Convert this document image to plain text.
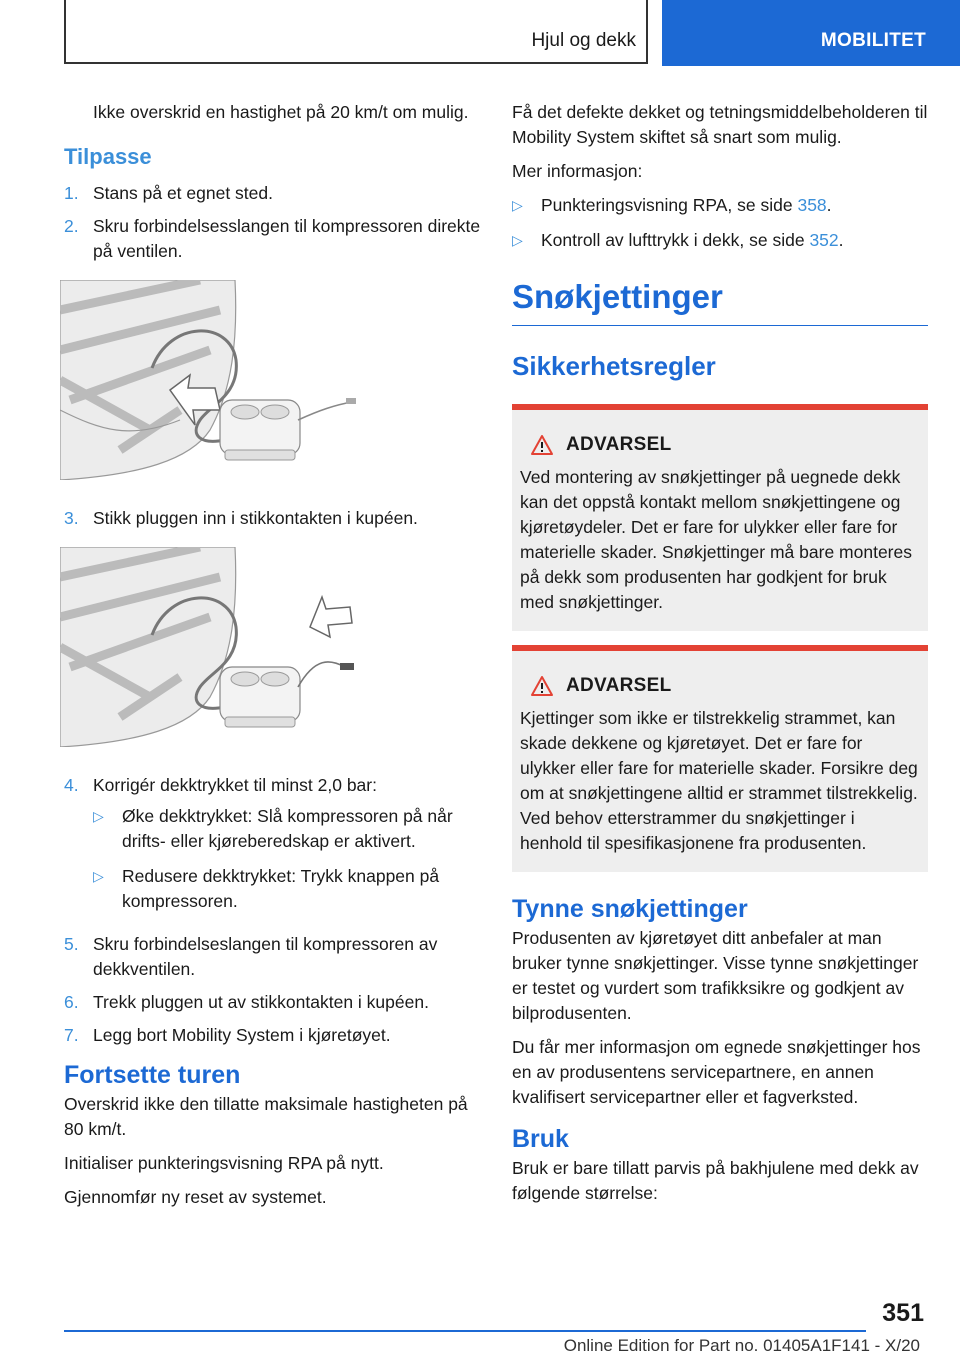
Hjul og dekk	MOBILITET

Ikke overskrid en hastighet på 20 km/t om mulig.

Tilpasse
1. Stans på et egnet sted.
2. Skru forbindelsesslangen til kompressoren direkte på ventilen.
3. Stikk pluggen inn i stikkontakten i kupéen.
4. Korrigér dekktrykket til minst 2,0 bar:
▷	Øke dekktrykket: Slå kompressoren på når drifts- eller kjøreberedskap er aktivert.
▷	Redusere dekktrykket: Trykk knappen på kompressoren.
5. Skru forbindelseslangen til kompressoren av dekkventilen.
6. Trekk pluggen ut av stikkontakten i kupéen.
7. Legg bort Mobility System i kjøretøyet.
Fortsette turen

Overskrid ikke den tillatte maksimale hastigheten på 80 km/t.

Initialiser punkteringsvisning RPA på nytt.

Gjennomfør ny reset av systemet.

Få det defekte dekket og tetningsmiddelbeholderen til Mobility System skiftet så snart som mulig.

Mer informasjon:

▷	Punkteringsvisning RPA, se side 358.
▷	Kontroll av lufttrykk i dekk, se side 352.
Snøkjettinger
Sikkerhetsregler
ADVARSEL

Ved montering av snøkjettinger på uegnede dekk kan det oppstå kontakt mellom snøkjettingene og kjøretøydeler. Det er fare for ulykker eller fare for materielle skader. Snøkjettinger må bare monteres på dekk som produsenten har godkjent for bruk med snøkjettinger.

ADVARSEL

Kjettinger som ikke er tilstrekkelig strammet, kan skade dekkene og kjøretøyet. Det er fare for ulykker eller fare for materielle skader. Forsikre deg om at snøkjettingene alltid er strammet tilstrekkelig. Ved behov etterstrammer du snøkjettinger i henhold til spesifikasjonene fra produsenten.

Tynne snøkjettinger

Produsenten av kjøretøyet ditt anbefaler at man bruker tynne snøkjettinger. Visse tynne snøkjettinger er testet og vurdert som trafikksikre og godkjent av bilprodusenten.

Du får mer informasjon om egnede snøkjettinger hos en av produsentens servicepartnere, en annen kvalifisert servicepartner eller et fagverksted.

Bruk

Bruk er bare tillatt parvis på bakhjulene med dekk av følgende størrelse:

351
Online Edition for Part no. 01405A1F141 - X/20
